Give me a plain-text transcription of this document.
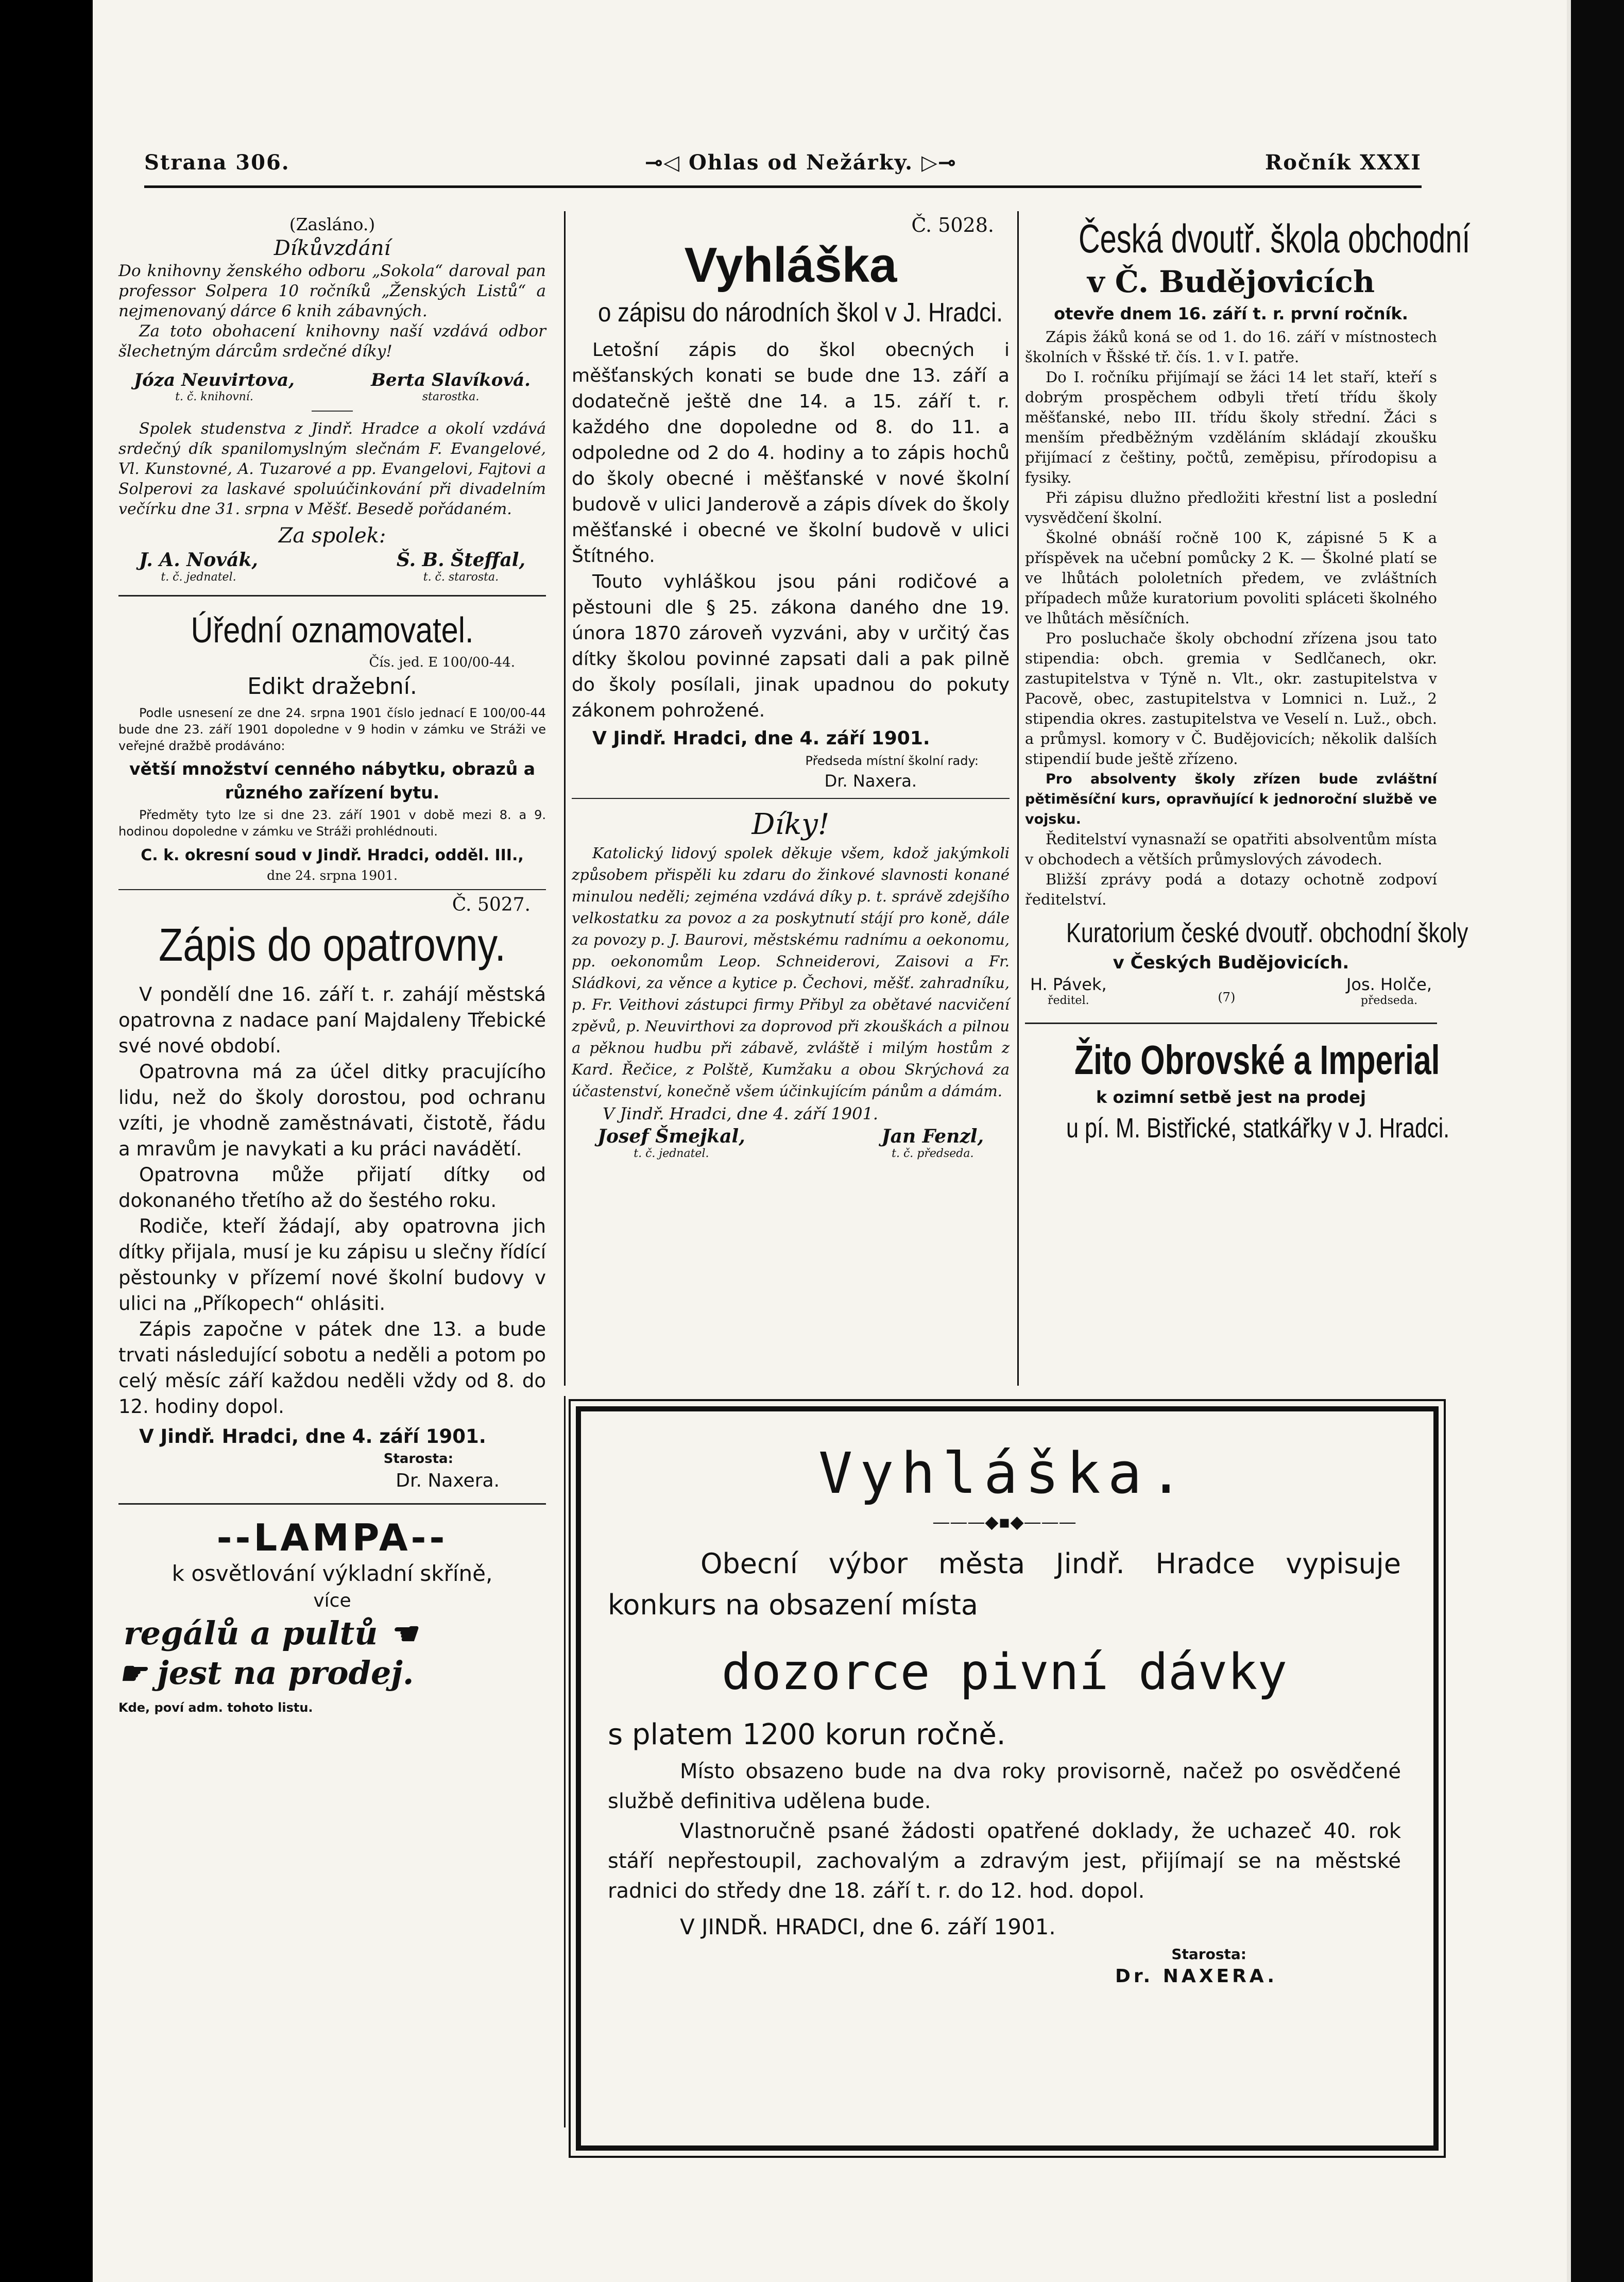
Strana 306.	⊸◁ Ohlas od Nežárky. ▷⊸	Ročník XXXI

(Zasláno.)

Díkůvzdání

Do knihovny ženského odboru „Sokola“ daroval pan professor Solpera 10 ročníků „Ženských Listů“ a nejmenovaný dárce 6 knih zábavných.

Za toto obohacení knihovny naší vzdává odbor šlechetným dárcům srdečné díky!

Józa Neuvirtova,

t. č. knihovní.

Berta Slavíková.

starostka.

Spolek studenstva z Jindř. Hradce a okolí vzdává srdečný dík spanilomyslným slečnám F. Evangelové, Vl. Kunstovné, A. Tuzarové a pp. Evangelovi, Fajtovi a Solperovi za laskavé spoluúčinkování při divadelním večírku dne 31. srpna v Měšť. Besedě pořádaném.

Za spolek:

J. A. Novák,

t. č. jednatel.

Š. B. Šteffal,

t. č. starosta.

Úřední oznamovatel.

Čís. jed. E 100/00-44.

Edikt dražební.

Podle usnesení ze dne 24. srpna 1901 číslo jednací E 100/00-44 bude dne 23. září 1901 dopoledne v 9 hodin v zámku ve Stráži ve veřejné dražbě prodáváno:

větší množství cenného nábytku, obrazů a různého zařízení bytu.

Předměty tyto lze si dne 23. září 1901 v době mezi 8. a 9. hodinou dopoledne v zámku ve Stráži prohlédnouti.

C. k. okresní soud v Jindř. Hradci, odděl. III.,

dne 24. srpna 1901.

Č. 5027.

Zápis do opatrovny.

V pondělí dne 16. září t. r. zahájí městská opatrovna z nadace paní Majdaleny Třebické své nové období.

Opatrovna má za účel ditky pracujícího lidu, než do školy dorostou, pod ochranu vzíti, je vhodně zaměstnávati, čistotě, řádu a mravům je navykati a ku práci navádětí.

Opatrovna může přijatí dítky od dokonaného třetího až do šestého roku.

Rodiče, kteří žádají, aby opatrovna jich dítky přijala, musí je ku zápisu u slečny řídící pěstounky v přízemí nové školní budovy v ulici na „Příkopech“ ohlásiti.

Zápis započne v pátek dne 13. a bude trvati následující sobotu a neděli a potom po celý měsíc září každou neděli vždy od 8. do 12. hodiny dopol.

V Jindř. Hradci, dne 4. září 1901.

Starosta:

Dr. Naxera.

--LAMPA--

k osvětlování výkladní skříně,

více

regálů a pultů ☚

☛ jest na prodej.

Kde, poví adm. tohoto listu.

Č. 5028.

Vyhláška

o zápisu do národních škol v J. Hradci.

Letošní zápis do škol obecných i měšťanských konati se bude dne 13. září a dodatečně ještě dne 14. a 15. září t. r. každého dne dopoledne od 8. do 11. a odpoledne od 2 do 4. hodiny a to zápis hochů do školy obecné i měšťanské v nové školní budově v ulici Janderově a zápis dívek do školy měšťanské i obecné ve školní budově v ulici Štítného.

Touto vyhláškou jsou páni rodičové a pěstouni dle § 25. zákona daného dne 19. února 1870 zároveň vyzváni, aby v určitý čas dítky školou povinné zapsati dali a pak pilně do školy posílali, jinak upadnou do pokuty zákonem pohrožené.

V Jindř. Hradci, dne 4. září 1901.

Předseda místní školní rady:

Dr. Naxera.

Díky!

Katolický lidový spolek děkuje všem, kdož jakýmkoli způsobem přispěli ku zdaru do žinkové slavnosti konané minulou neděli; zejména vzdává díky p. t. správě zdejšího velkostatku za povoz a za poskytnutí stájí pro koně, dále za povozy p. J. Baurovi, městskému radnímu a oekonomu, pp. oekonomům Leop. Schneiderovi, Zaisovi a Fr. Sládkovi, za věnce a kytice p. Čechovi, měšť. zahradníku, p. Fr. Veithovi zástupci firmy Přibyl za obětavé nacvičení zpěvů, p. Neuvirthovi za doprovod při zkouškách a pilnou a pěknou hudbu při zábavě, zvláště i milým hostům z Kard. Řečice, z Polště, Kumžaku a obou Skrýchová za účastenství, konečně všem účinkujícím pánům a dámám.

V Jindř. Hradci, dne 4. září 1901.

Josef Šmejkal,

t. č. jednatel.

Jan Fenzl,

t. č. předseda.

Česká dvoutř. škola obchodní

v Č. Budějovicích

otevře dnem 16. září t. r. první ročník.

Zápis žáků koná se od 1. do 16. září v místnostech školních v Řšské tř. čís. 1. v I. patře.

Do I. ročníku přijímají se žáci 14 let staří, kteří s dobrým prospěchem odbyli třetí třídu školy měšťanské, nebo III. třídu školy střední. Žáci s menším předběžným vzděláním skládají zkoušku přijímací z češtiny, počtů, zeměpisu, přírodopisu a fysiky.

Při zápisu dlužno předložiti křestní list a poslední vysvědčení školní.

Školné obnáší ročně 100 K, zápisné 5 K a příspěvek na učební pomůcky 2 K. — Školné platí se ve lhůtách pololetních předem, ve zvláštních případech může kuratorium povoliti spláceti školného ve lhůtách měsíčních.

Pro posluchače školy obchodní zřízena jsou tato stipendia: obch. gremia v Sedlčanech, okr. zastupitelstva v Týně n. Vlt., okr. zastupitelstva v Pacově, obec, zastupitelstva v Lomnici n. Luž., 2 stipendia okres. zastupitelstva ve Veselí n. Luž., obch. a průmysl. komory v Č. Budějovicích; několik dalších stipendií bude ještě zřízeno.

Pro absolventy školy zřízen bude zvláštní pětiměsíční kurs, opravňující k jednoroční službě ve vojsku.

Ředitelství vynasnaží se opatřiti absolventům místa v obchodech a větších průmyslových závodech.

Bližší zprávy podá a dotazy ochotně zodpoví ředitelství.

Kuratorium české dvoutř. obchodní školy

v Českých Budějovicích.

H. Pávek,

ředitel.	(7)

Jos. Holče,

předseda.

Žito Obrovské a Imperial

k ozimní setbě jest na prodej

u pí. M. Bistřické, statkářky v J. Hradci.

Vyhláška.

———◆▪◆———

Obecní výbor města Jindř. Hradce vypisuje konkurs na obsazení místa

dozorce pivní dávky

s platem 1200 korun ročně.

Místo obsazeno bude na dva roky provisorně, načež po osvědčené službě definitiva udělena bude.

Vlastnoručně psané žádosti opatřené doklady, že uchazeč 40. rok stáří nepřestoupil, zachovalým a zdravým jest, přijímají se na městské radnici do středy dne 18. září t. r. do 12. hod. dopol.

V JINDŘ. HRADCI, dne 6. září 1901.

Starosta:

Dr. NAXERA.
